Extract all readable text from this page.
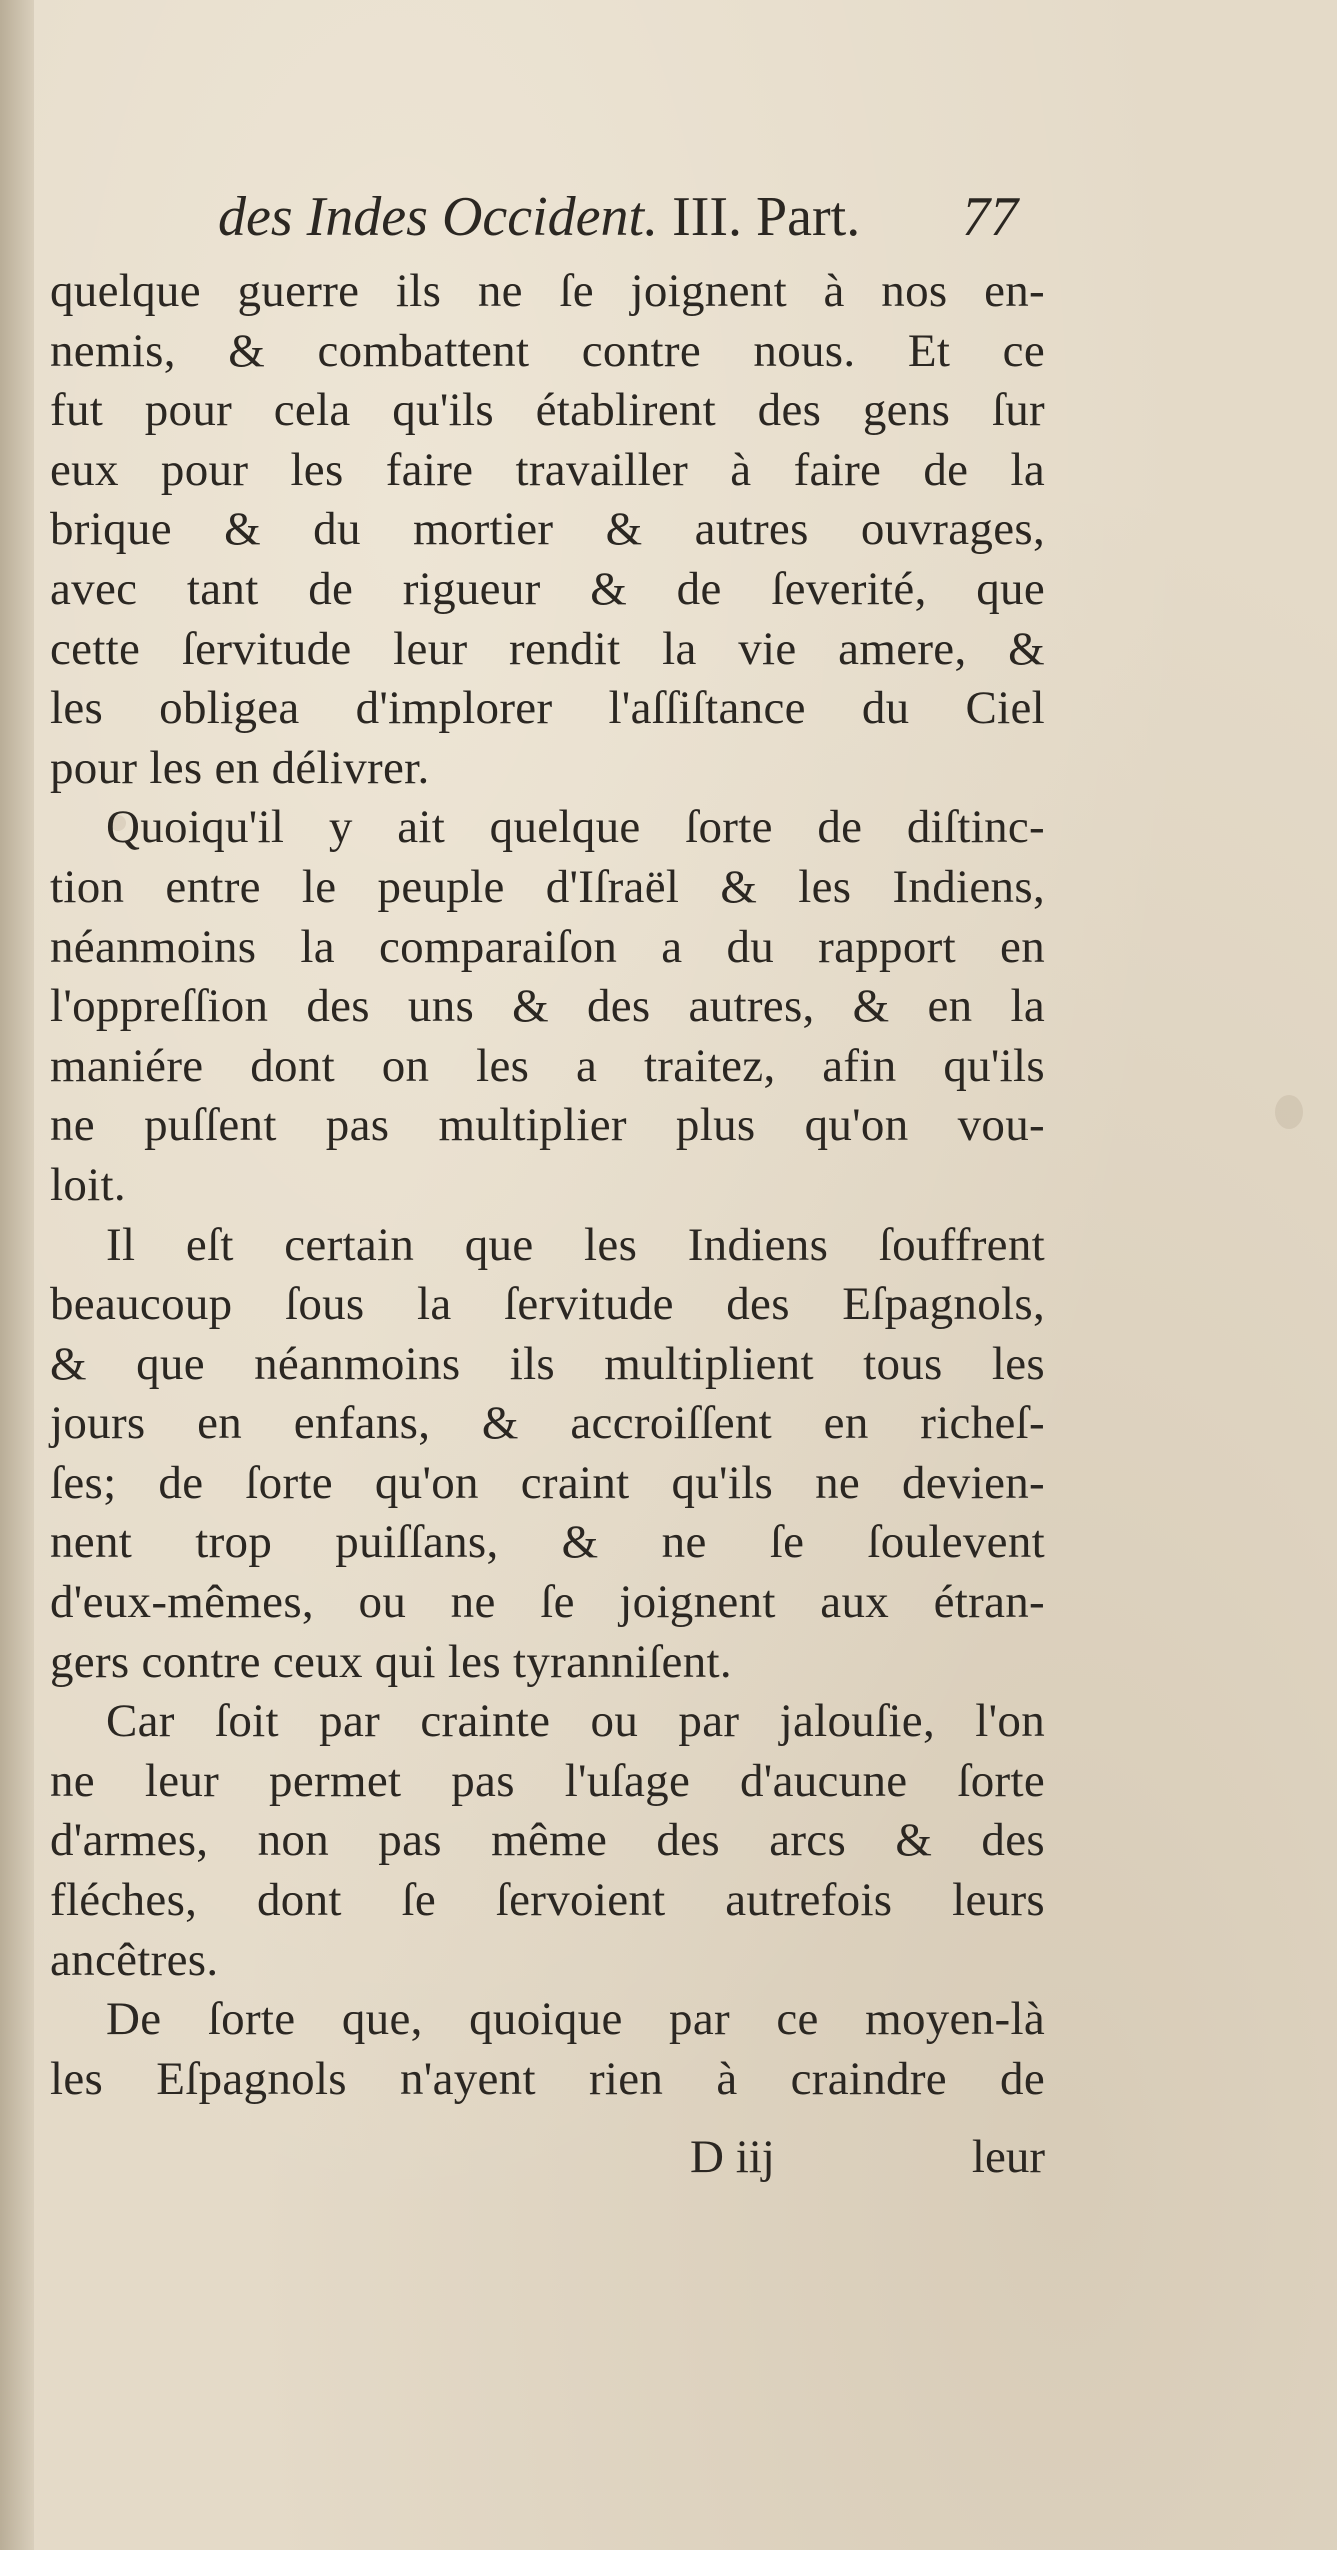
des Indes Occident. III. Part. 77
quelque guerre ils ne ſe joignent à nos en-
nemis, & combattent contre nous. Et ce
fut pour cela qu'ils établirent des gens ſur
eux pour les faire travailler à faire de la
brique & du mortier & autres ouvrages,
avec tant de rigueur & de ſeverité, que
cette ſervitude leur rendit la vie amere, &
les obligea d'implorer l'aſſiſtance du Ciel
pour les en délivrer.
Quoiqu'il y ait quelque ſorte de diſtinc-
tion entre le peuple d'Iſraël & les Indiens,
néanmoins la comparaiſon a du rapport en
l'oppreſſion des uns & des autres, & en la
maniére dont on les a traitez, afin qu'ils
ne puſſent pas multiplier plus qu'on vou-
loit.
Il eſt certain que les Indiens ſouffrent
beaucoup ſous la ſervitude des Eſpagnols,
& que néanmoins ils multiplient tous les
jours en enfans, & accroiſſent en richeſ-
ſes; de ſorte qu'on craint qu'ils ne devien-
nent trop puiſſans, & ne ſe ſoulevent
d'eux-mêmes, ou ne ſe joignent aux étran-
gers contre ceux qui les tyranniſent.
Car ſoit par crainte ou par jalouſie, l'on
ne leur permet pas l'uſage d'aucune ſorte
d'armes, non pas même des arcs & des
fléches, dont ſe ſervoient autrefois leurs
ancêtres.
De ſorte que, quoique par ce moyen-là
les Eſpagnols n'ayent rien à craindre de
D iij	leur
